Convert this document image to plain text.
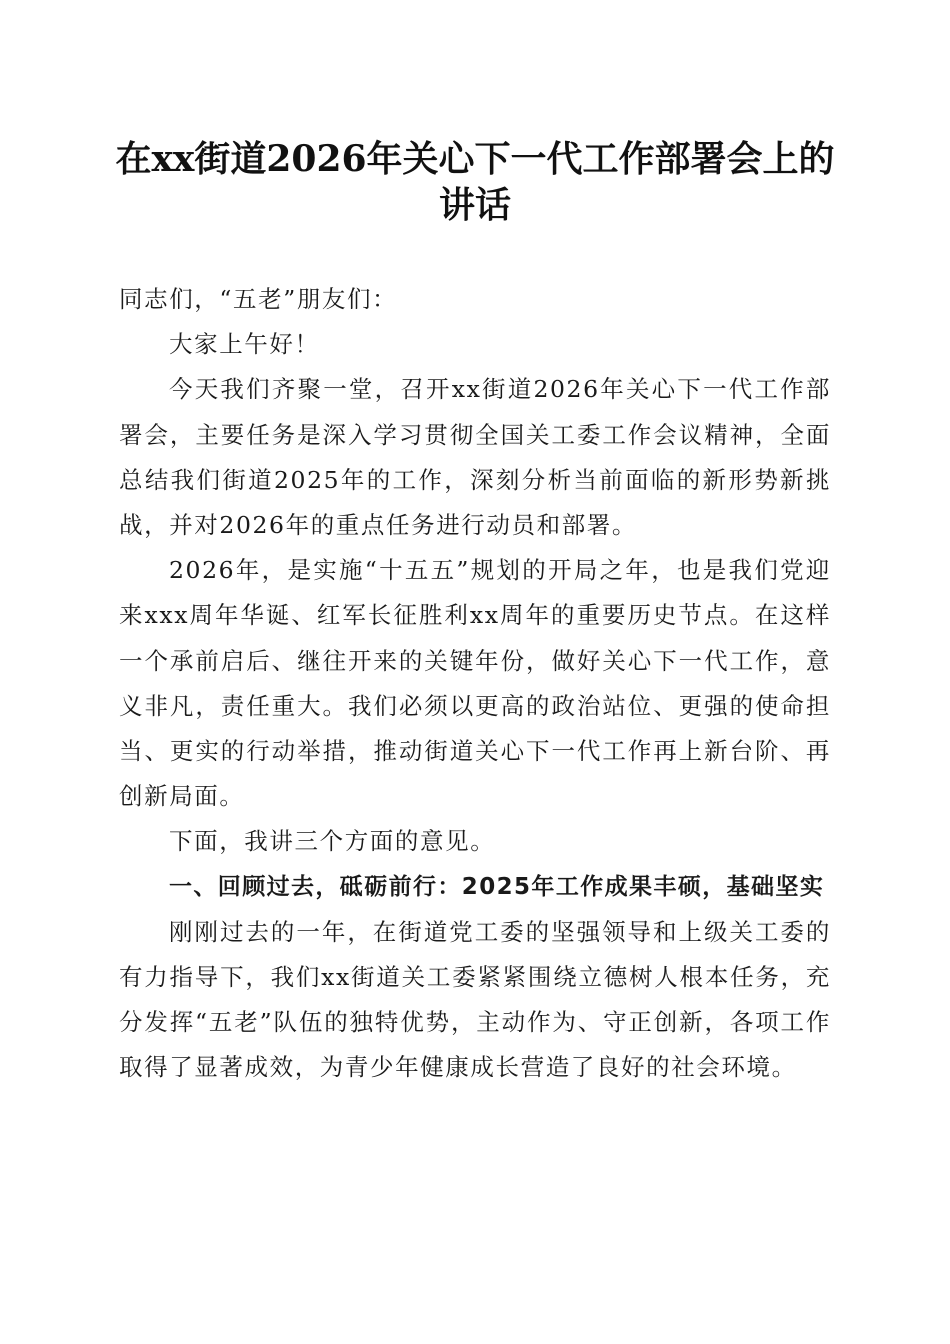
在xx街道2026年关心下一代工作部署会上的讲话

同志们，“五老”朋友们：

大家上午好！

今天我们齐聚一堂，召开xx街道2026年关心下一代工作部署会，主要任务是深入学习贯彻全国关工委工作会议精神，全面总结我们街道2025年的工作，深刻分析当前面临的新形势新挑战，并对2026年的重点任务进行动员和部署。

2026年，是实施“十五五”规划的开局之年，也是我们党迎来xxx周年华诞、红军长征胜利xx周年的重要历史节点。在这样一个承前启后、继往开来的关键年份，做好关心下一代工作，意义非凡，责任重大。我们必须以更高的政治站位、更强的使命担当、更实的行动举措，推动街道关心下一代工作再上新台阶、再创新局面。

下面，我讲三个方面的意见。

一、回顾过去，砥砺前行：2025年工作成果丰硕，基础坚实

刚刚过去的一年，在街道党工委的坚强领导和上级关工委的有力指导下，我们xx街道关工委紧紧围绕立德树人根本任务，充分发挥“五老”队伍的独特优势，主动作为、守正创新，各项工作取得了显著成效，为青少年健康成长营造了良好的社会环境。
